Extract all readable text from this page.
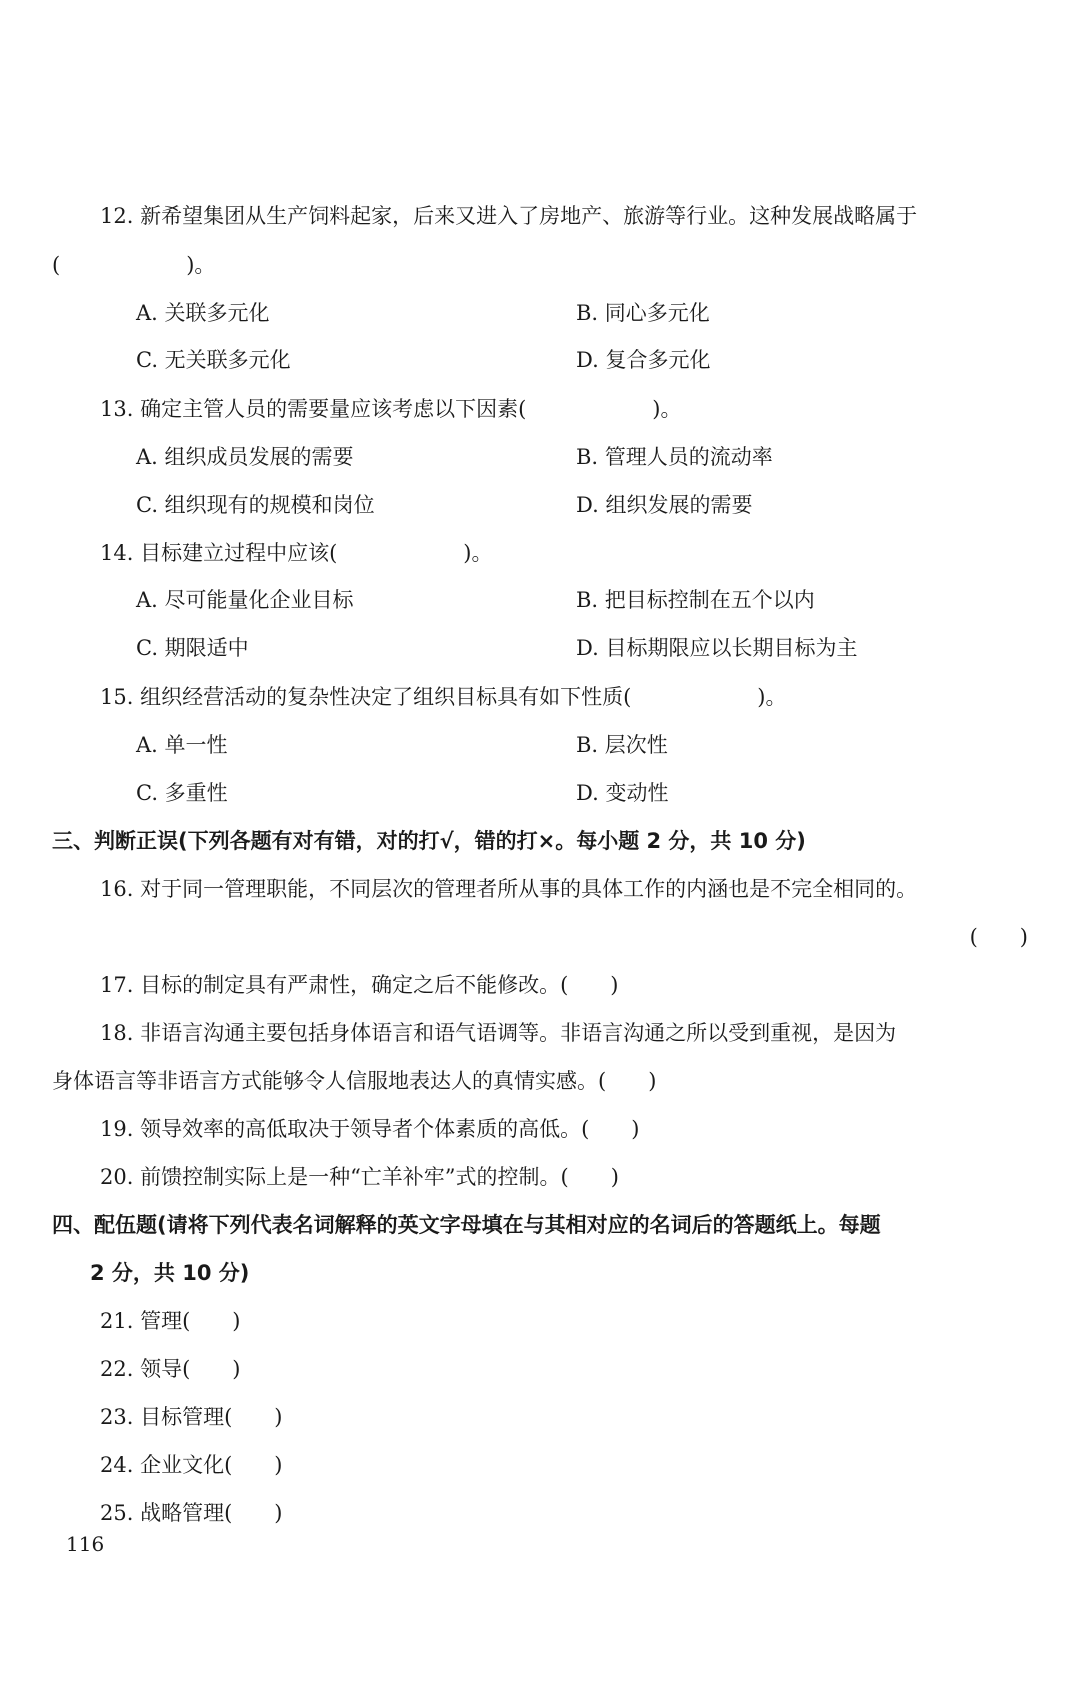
12. 新希望集团从生产饲料起家，后来又进入了房地产、旅游等行业。这种发展战略属于
(　　　　　　)。
A. 关联多元化	B. 同心多元化
C. 无关联多元化	D. 复合多元化
13. 确定主管人员的需要量应该考虑以下因素(　　　　　　)。
A. 组织成员发展的需要	B. 管理人员的流动率
C. 组织现有的规模和岗位	D. 组织发展的需要
14. 目标建立过程中应该(　　　　　　)。
A. 尽可能量化企业目标	B. 把目标控制在五个以内
C. 期限适中	D. 目标期限应以长期目标为主
15. 组织经营活动的复杂性决定了组织目标具有如下性质(　　　　　　)。
A. 单一性	B. 层次性
C. 多重性	D. 变动性
三、判断正误(下列各题有对有错，对的打√，错的打×。每小题 2 分，共 10 分)
16. 对于同一管理职能，不同层次的管理者所从事的具体工作的内涵也是不完全相同的。
(　　)
17. 目标的制定具有严肃性，确定之后不能修改。(　　)
18. 非语言沟通主要包括身体语言和语气语调等。非语言沟通之所以受到重视，是因为
身体语言等非语言方式能够令人信服地表达人的真情实感。(　　)
19. 领导效率的高低取决于领导者个体素质的高低。(　　)
20. 前馈控制实际上是一种“亡羊补牢”式的控制。(　　)
四、配伍题(请将下列代表名词解释的英文字母填在与其相对应的名词后的答题纸上。每题
2 分，共 10 分)
21. 管理(　　)
22. 领导(　　)
23. 目标管理(　　)
24. 企业文化(　　)
25. 战略管理(　　)
116
